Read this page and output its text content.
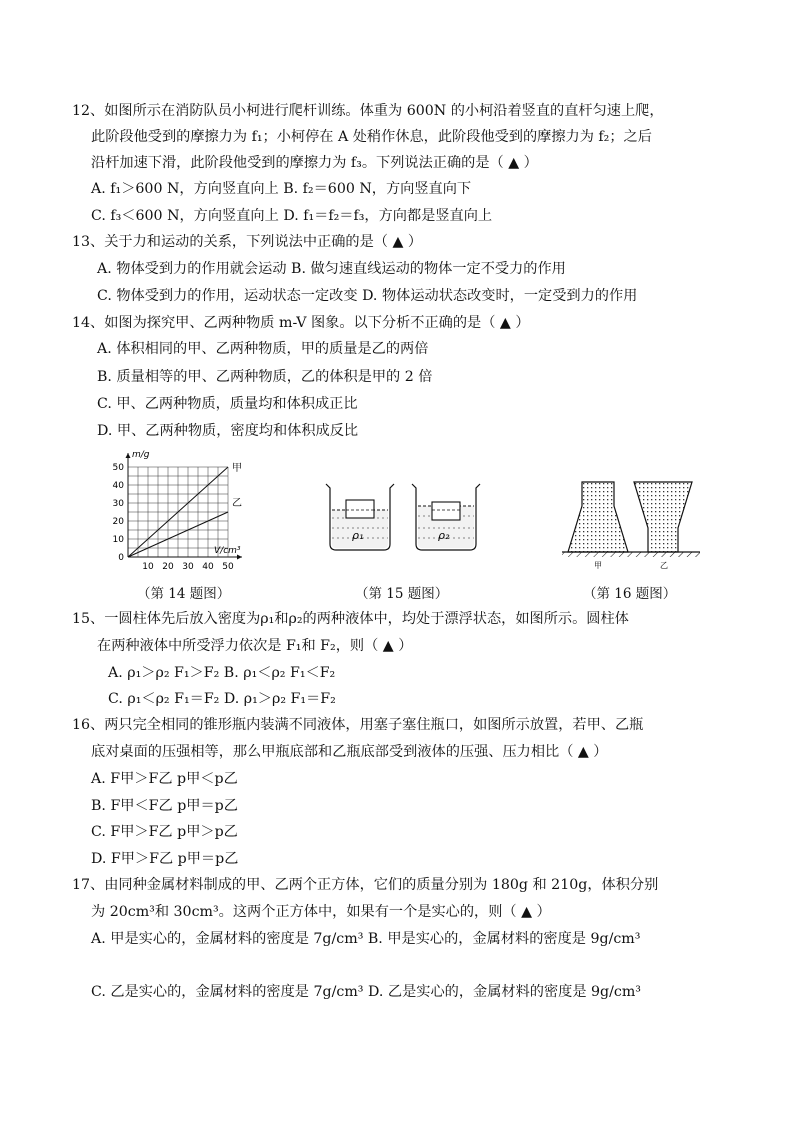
12、如图所示在消防队员小柯进行爬杆训练。体重为 600N 的小柯沿着竖直的直杆匀速上爬，
此阶段他受到的摩擦力为 f₁；小柯停在 A 处稍作休息，此阶段他受到的摩擦力为 f₂；之后
沿杆加速下滑，此阶段他受到的摩擦力为 f₃。下列说法正确的是（ ▲ ）
A. f₁＞600 N，方向竖直向上 B. f₂＝600 N，方向竖直向下
C. f₃＜600 N，方向竖直向上 D. f₁＝f₂＝f₃，方向都是竖直向上
13、关于力和运动的关系，下列说法中正确的是（ ▲ ）
A. 物体受到力的作用就会运动 B. 做匀速直线运动的物体一定不受力的作用
C. 物体受到力的作用，运动状态一定改变 D. 物体运动状态改变时，一定受到力的作用
14、如图为探究甲、乙两种物质 m-V 图象。以下分析不正确的是（ ▲ ）
A. 体积相同的甲、乙两种物质，甲的质量是乙的两倍
B. 质量相等的甲、乙两种物质，乙的体积是甲的 2 倍
C. 甲、乙两种物质，质量均和体积成正比
D. 甲、乙两种物质，密度均和体积成反比
10 20 30 40 50
10
20
30
40
50
0
m/g
V/cm³
甲
乙
（第 14 题图）
ρ₁	ρ₂
（第 15 题图）
甲	乙
（第 16 题图）
15、一圆柱体先后放入密度为ρ₁和ρ₂的两种液体中，均处于漂浮状态，如图所示。圆柱体
在两种液体中所受浮力依次是 F₁和 F₂，则（ ▲ ）
A. ρ₁＞ρ₂ F₁＞F₂ B. ρ₁＜ρ₂ F₁＜F₂
C. ρ₁＜ρ₂ F₁＝F₂ D. ρ₁＞ρ₂ F₁＝F₂
16、两只完全相同的锥形瓶内装满不同液体，用塞子塞住瓶口，如图所示放置，若甲、乙瓶
底对桌面的压强相等，那么甲瓶底部和乙瓶底部受到液体的压强、压力相比（ ▲ ）
A. F甲＞F乙 p甲＜p乙
B. F甲＜F乙 p甲＝p乙
C. F甲＞F乙 p甲＞p乙
D. F甲＞F乙 p甲＝p乙
17、由同种金属材料制成的甲、乙两个正方体，它们的质量分别为 180g 和 210g，体积分别
为 20cm³和 30cm³。这两个正方体中，如果有一个是实心的，则（ ▲ ）
A. 甲是实心的，金属材料的密度是 7g/cm³ B. 甲是实心的，金属材料的密度是 9g/cm³
C. 乙是实心的，金属材料的密度是 7g/cm³ D. 乙是实心的，金属材料的密度是 9g/cm³
